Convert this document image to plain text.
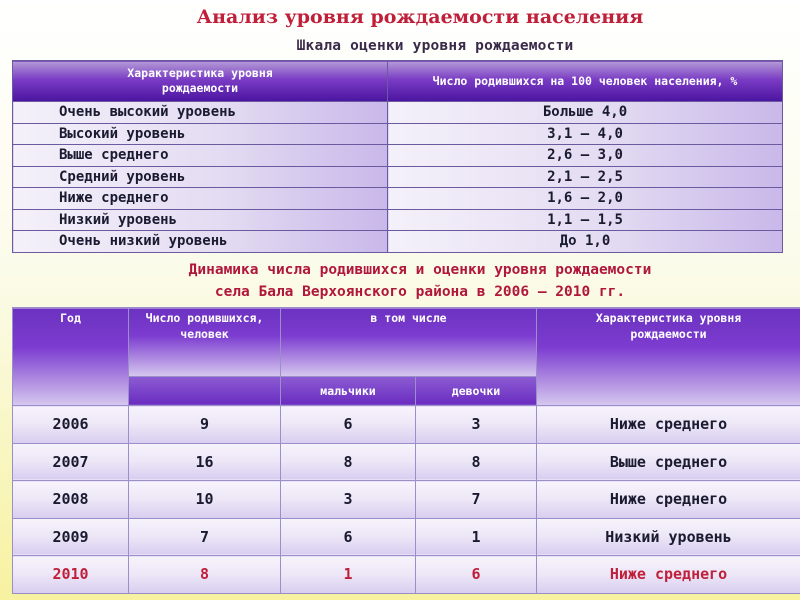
Анализ уровня рождаемости населения
Шкала оценки уровня рождаемости
Характеристика уровня рождаемости	Число родившихся на 100 человек населения, %
Очень высокий уровень	Больше 4,0
Высокий уровень	3,1 – 4,0
Выше среднего	2,6 – 3,0
Средний уровень	2,1 – 2,5
Ниже среднего	1,6 – 2,0
Низкий уровень	1,1 – 1,5
Очень низкий уровень	До 1,0
Динамика числа родившихся и оценки уровня рождаемости
села Бала Верхоянского района в 2006 – 2010 гг.
Год	Число родившихся, человек	в том числе		Характеристика уровня рождаемости
		мальчики	девочки	
2006	9	6	3	Ниже среднего
2007	16	8	8	Выше среднего
2008	10	3	7	Ниже среднего
2009	7	6	1	Низкий уровень
2010	8	1	6	Ниже среднего
